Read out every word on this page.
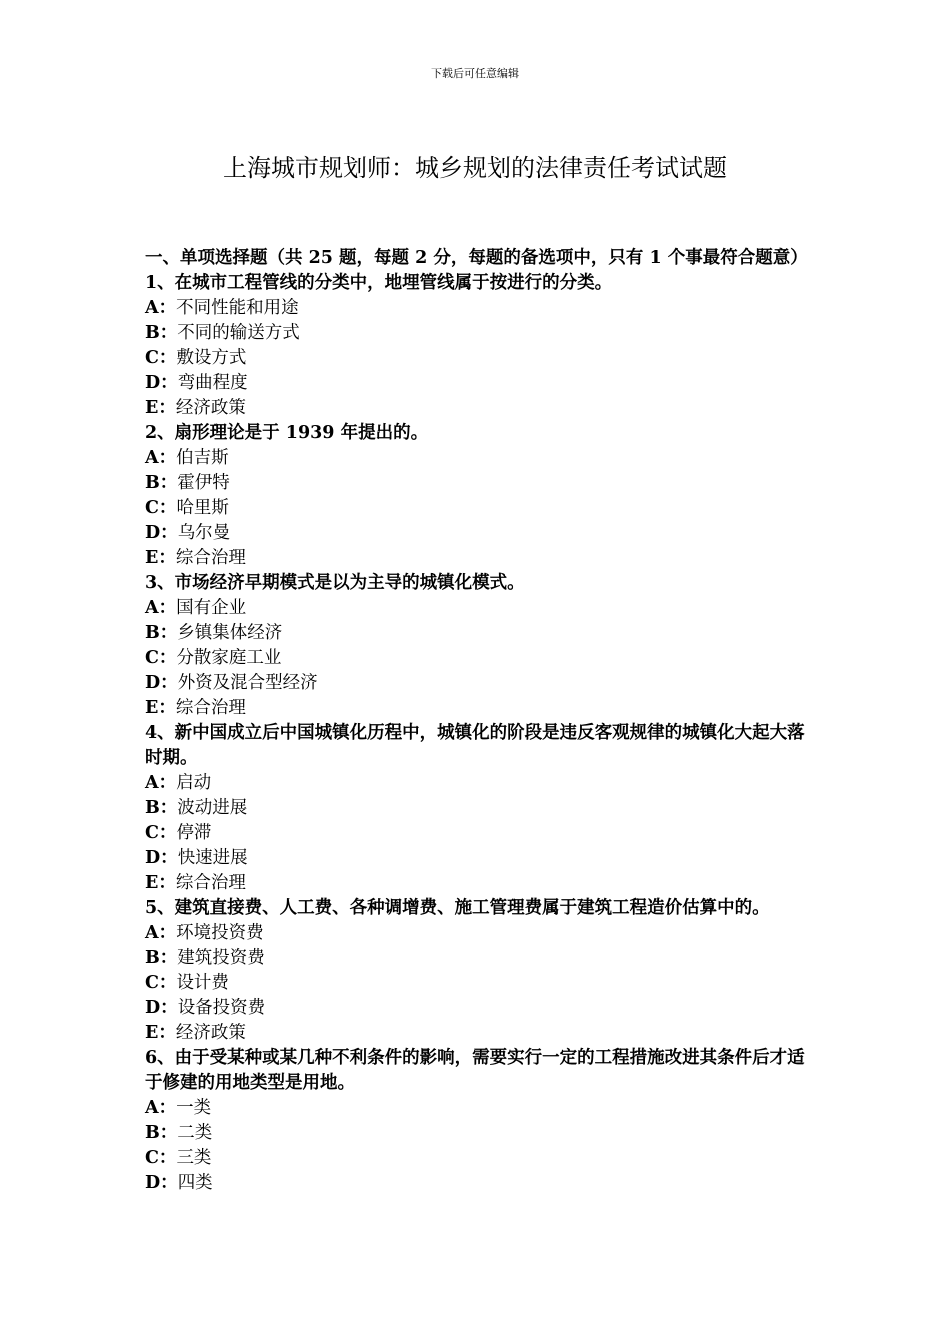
下载后可任意编辑
上海城市规划师：城乡规划的法律责任考试试题

一、单项选择题（共 25 题，每题 2 分，每题的备选项中，只有 1 个事最符合题意）

1、在城市工程管线的分类中，地埋管线属于按进行的分类。

A：不同性能和用途

B：不同的输送方式

C：敷设方式

D：弯曲程度

E：经济政策

2、扇形理论是于 1939 年提出的。

A：伯吉斯

B：霍伊特

C：哈里斯

D：乌尔曼

E：综合治理

3、市场经济早期模式是以为主导的城镇化模式。

A：国有企业

B：乡镇集体经济

C：分散家庭工业

D：外资及混合型经济

E：综合治理

4、新中国成立后中国城镇化历程中，城镇化的阶段是违反客观规律的城镇化大起大落时期。

A：启动

B：波动进展

C：停滞

D：快速进展

E：综合治理

5、建筑直接费、人工费、各种调增费、施工管理费属于建筑工程造价估算中的。

A：环境投资费

B：建筑投资费

C：设计费

D：设备投资费

E：经济政策

6、由于受某种或某几种不利条件的影响，需要实行一定的工程措施改进其条件后才适于修建的用地类型是用地。

A：一类

B：二类

C：三类

D：四类
